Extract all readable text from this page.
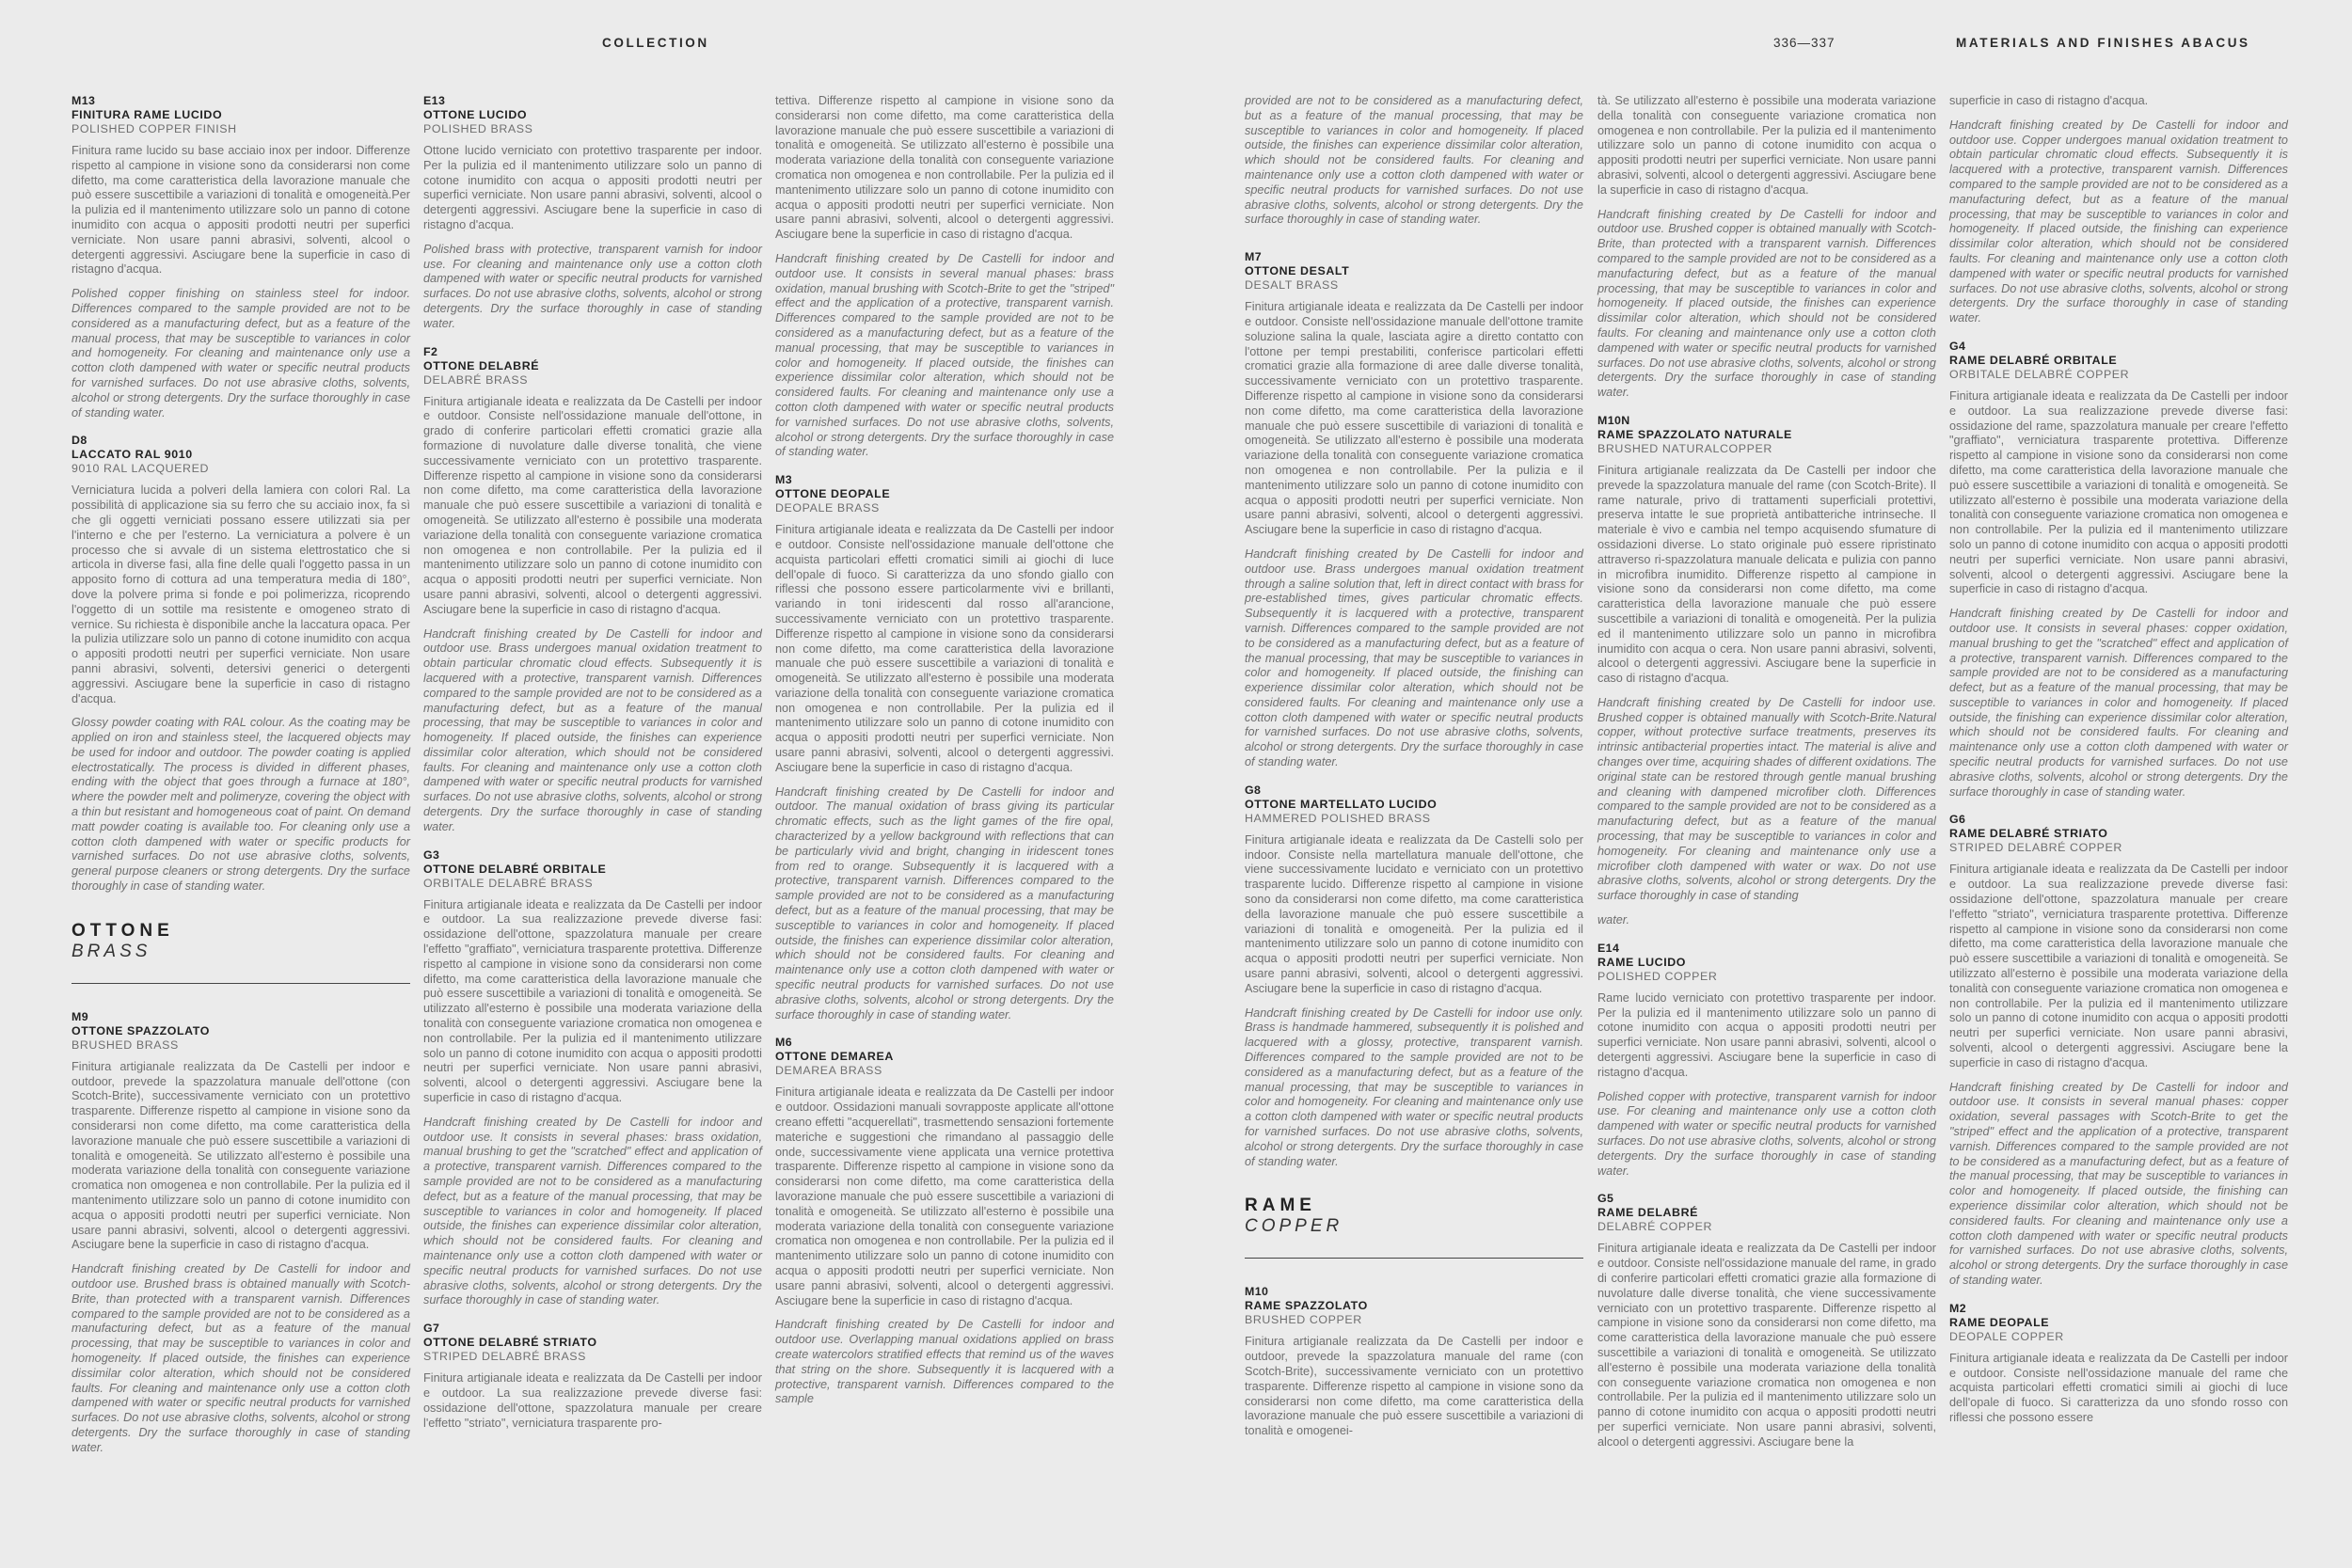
COLLECTION	336—337	MATERIALS AND FINISHES ABACUS
M13
FINITURA RAME LUCIDO
POLISHED COPPER FINISH

Finitura rame lucido su base acciaio inox per indoor. Differenze rispetto al campione in visione sono da considerarsi non come difetto, ma come caratteristica della lavorazione manuale che può essere suscettibile a variazioni di tonalità e omogeneità.Per la pulizia ed il mantenimento utilizzare solo un panno di cotone inumidito con acqua o appositi prodotti neutri per superfici verniciate. Non usare panni abrasivi, solventi, alcool o detergenti aggressivi. Asciugare bene la superficie in caso di ristagno d'acqua.

Polished copper finishing on stainless steel for indoor. Differences compared to the sample provided are not to be considered as a manufacturing defect, but as a feature of the manual process, that may be susceptible to variances in color and homogeneity. For cleaning and maintenance only use a cotton cloth dampened with water or specific neutral products for varnished surfaces. Do not use abrasive cloths, solvents, alcohol or strong detergents. Dry the surface thoroughly in case of standing water.

D8
LACCATO RAL 9010
9010 RAL LACQUERED

Verniciatura lucida a polveri della lamiera con colori Ral. La possibilità di applicazione sia su ferro che su acciaio inox, fa sì che gli oggetti verniciati possano essere utilizzati sia per l'interno e che per l'esterno. La verniciatura a polvere è un processo che si avvale di un sistema elettrostatico che si articola in diverse fasi, alla fine delle quali l'oggetto passa in un apposito forno di cottura ad una temperatura media di 180°, dove la polvere prima si fonde e poi polimerizza, ricoprendo l'oggetto di un sottile ma resistente e omogeneo strato di vernice. Su richiesta è disponibile anche la laccatura opaca. Per la pulizia utilizzare solo un panno di cotone inumidito con acqua o appositi prodotti neutri per superfici verniciate. Non usare panni abrasivi, solventi, detersivi generici o detergenti aggressivi. Asciugare bene la superficie in caso di ristagno d'acqua.

Glossy powder coating with RAL colour. As the coating may be applied on iron and stainless steel, the lacquered objects may be used for indoor and outdoor. The powder coating is applied electrostatically. The process is divided in different phases, ending with the object that goes through a furnace at 180°, where the powder melt and polimeryze, covering the object with a thin but resistant and homogeneous coat of paint. On demand matt powder coating is available too. For cleaning only use a cotton cloth dampened with water or specific products for varnished surfaces. Do not use abrasive cloths, solvents, general purpose cleaners or strong detergents. Dry the surface thoroughly in case of standing water.

OTTONE
BRASS
M9
OTTONE SPAZZOLATO
BRUSHED BRASS

Finitura artigianale realizzata da De Castelli per indoor e outdoor, prevede la spazzolatura manuale dell'ottone (con Scotch-Brite), successivamente verniciato con un protettivo trasparente. Differenze rispetto al campione in visione sono da considerarsi non come difetto, ma come caratteristica della lavorazione manuale che può essere suscettibile a variazioni di tonalità e omogeneità. Se utilizzato all'esterno è possibile una moderata variazione della tonalità con conseguente variazione cromatica non omogenea e non controllabile. Per la pulizia ed il mantenimento utilizzare solo un panno di cotone inumidito con acqua o appositi prodotti neutri per superfici verniciate. Non usare panni abrasivi, solventi, alcool o detergenti aggressivi. Asciugare bene la superficie in caso di ristagno d'acqua.

Handcraft finishing created by De Castelli for indoor and outdoor use. Brushed brass is obtained manually with Scotch-Brite, than protected with a transparent varnish. Differences compared to the sample provided are not to be considered as a manufacturing defect, but as a feature of the manual processing, that may be susceptible to variances in color and homogeneity. If placed outside, the finishes can experience dissimilar color alteration, which should not be considered faults. For cleaning and maintenance only use a cotton cloth dampened with water or specific neutral products for varnished surfaces. Do not use abrasive cloths, solvents, alcohol or strong detergents. Dry the surface thoroughly in case of standing water.

E13
OTTONE LUCIDO
POLISHED BRASS

Ottone lucido verniciato con protettivo trasparente per indoor. Per la pulizia ed il mantenimento utilizzare solo un panno di cotone inumidito con acqua o appositi prodotti neutri per superfici verniciate. Non usare panni abrasivi, solventi, alcool o detergenti aggressivi. Asciugare bene la superficie in caso di ristagno d'acqua.

Polished brass with protective, transparent varnish for indoor use. For cleaning and maintenance only use a cotton cloth dampened with water or specific neutral products for varnished surfaces. Do not use abrasive cloths, solvents, alcohol or strong detergents. Dry the surface thoroughly in case of standing water.

F2
OTTONE DELABRÉ
DELABRÉ BRASS

Finitura artigianale ideata e realizzata da De Castelli per indoor e outdoor. Consiste nell'ossidazione manuale dell'ottone, in grado di conferire particolari effetti cromatici grazie alla formazione di nuvolature dalle diverse tonalità, che viene successivamente verniciato con un protettivo trasparente. Differenze rispetto al campione in visione sono da considerarsi non come difetto, ma come caratteristica della lavorazione manuale che può essere suscettibile a variazioni di tonalità e omogeneità. Se utilizzato all'esterno è possibile una moderata variazione della tonalità con conseguente variazione cromatica non omogenea e non controllabile. Per la pulizia ed il mantenimento utilizzare solo un panno di cotone inumidito con acqua o appositi prodotti neutri per superfici verniciate. Non usare panni abrasivi, solventi, alcool o detergenti aggressivi. Asciugare bene la superficie in caso di ristagno d'acqua.

Handcraft finishing created by De Castelli for indoor and outdoor use. Brass undergoes manual oxidation treatment to obtain particular chromatic cloud effects. Subsequently it is lacquered with a protective, transparent varnish. Differences compared to the sample provided are not to be considered as a manufacturing defect, but as a feature of the manual processing, that may be susceptible to variances in color and homogeneity. If placed outside, the finishes can experience dissimilar color alteration, which should not be considered faults. For cleaning and maintenance only use a cotton cloth dampened with water or specific neutral products for varnished surfaces. Do not use abrasive cloths, solvents, alcohol or strong detergents. Dry the surface thoroughly in case of standing water.

G3
OTTONE DELABRÉ ORBITALE
ORBITALE DELABRÉ BRASS

Finitura artigianale ideata e realizzata da De Castelli per indoor e outdoor. La sua realizzazione prevede diverse fasi: ossidazione dell'ottone, spazzolatura manuale per creare l'effetto "graffiato", verniciatura trasparente protettiva. Differenze rispetto al campione in visione sono da considerarsi non come difetto, ma come caratteristica della lavorazione manuale che può essere suscettibile a variazioni di tonalità e omogeneità. Se utilizzato all'esterno è possibile una moderata variazione della tonalità con conseguente variazione cromatica non omogenea e non controllabile. Per la pulizia ed il mantenimento utilizzare solo un panno di cotone inumidito con acqua o appositi prodotti neutri per superfici verniciate. Non usare panni abrasivi, solventi, alcool o detergenti aggressivi. Asciugare bene la superficie in caso di ristagno d'acqua.

Handcraft finishing created by De Castelli for indoor and outdoor use. It consists in several phases: brass oxidation, manual brushing to get the "scratched" effect and application of a protective, transparent varnish. Differences compared to the sample provided are not to be considered as a manufacturing defect, but as a feature of the manual processing, that may be susceptible to variances in color and homogeneity. If placed outside, the finishes can experience dissimilar color alteration, which should not be considered faults. For cleaning and maintenance only use a cotton cloth dampened with water or specific neutral products for varnished surfaces. Do not use abrasive cloths, solvents, alcohol or strong detergents. Dry the surface thoroughly in case of standing water.

G7
OTTONE DELABRÉ STRIATO
STRIPED DELABRÉ BRASS

Finitura artigianale ideata e realizzata da De Castelli per indoor e outdoor. La sua realizzazione prevede diverse fasi: ossidazione dell'ottone, spazzolatura manuale per creare l'effetto "striato", verniciatura trasparente pro-

tettiva. Differenze rispetto al campione in visione sono da considerarsi non come difetto, ma come caratteristica della lavorazione manuale che può essere suscettibile a variazioni di tonalità e omogeneità. Se utilizzato all'esterno è possibile una moderata variazione della tonalità con conseguente variazione cromatica non omogenea e non controllabile. Per la pulizia ed il mantenimento utilizzare solo un panno di cotone inumidito con acqua o appositi prodotti neutri per superfici verniciate. Non usare panni abrasivi, solventi, alcool o detergenti aggressivi. Asciugare bene la superficie in caso di ristagno d'acqua.

Handcraft finishing created by De Castelli for indoor and outdoor use. It consists in several manual phases: brass oxidation, manual brushing with Scotch-Brite to get the "striped" effect and the application of a protective, transparent varnish. Differences compared to the sample provided are not to be considered as a manufacturing defect, but as a feature of the manual processing, that may be susceptible to variances in color and homogeneity. If placed outside, the finishes can experience dissimilar color alteration, which should not be considered faults. For cleaning and maintenance only use a cotton cloth dampened with water or specific neutral products for varnished surfaces. Do not use abrasive cloths, solvents, alcohol or strong detergents. Dry the surface thoroughly in case of standing water.

M3
OTTONE DEOPALE
DEOPALE BRASS

Finitura artigianale ideata e realizzata da De Castelli per indoor e outdoor. Consiste nell'ossidazione manuale dell'ottone che acquista particolari effetti cromatici simili ai giochi di luce dell'opale di fuoco. Si caratterizza da uno sfondo giallo con riflessi che possono essere particolarmente vivi e brillanti, variando in toni iridescenti dal rosso all'arancione, successivamente verniciato con un protettivo trasparente. Differenze rispetto al campione in visione sono da considerarsi non come difetto, ma come caratteristica della lavorazione manuale che può essere suscettibile a variazioni di tonalità e omogeneità. Se utilizzato all'esterno è possibile una moderata variazione della tonalità con conseguente variazione cromatica non omogenea e non controllabile. Per la pulizia ed il mantenimento utilizzare solo un panno di cotone inumidito con acqua o appositi prodotti neutri per superfici verniciate. Non usare panni abrasivi, solventi, alcool o detergenti aggressivi. Asciugare bene la superficie in caso di ristagno d'acqua.

Handcraft finishing created by De Castelli for indoor and outdoor. The manual oxidation of brass giving its particular chromatic effects, such as the light games of the fire opal, characterized by a yellow background with reflections that can be particularly vivid and bright, changing in iridescent tones from red to orange. Subsequently it is lacquered with a protective, transparent varnish. Differences compared to the sample provided are not to be considered as a manufacturing defect, but as a feature of the manual processing, that may be susceptible to variances in color and homogeneity. If placed outside, the finishes can experience dissimilar color alteration, which should not be considered faults. For cleaning and maintenance only use a cotton cloth dampened with water or specific neutral products for varnished surfaces. Do not use abrasive cloths, solvents, alcohol or strong detergents. Dry the surface thoroughly in case of standing water.

M6
OTTONE DEMAREA
DEMAREA BRASS

Finitura artigianale ideata e realizzata da De Castelli per indoor e outdoor. Ossidazioni manuali sovrapposte applicate all'ottone creano effetti "acquerellati", trasmettendo sensazioni fortemente materiche e suggestioni che rimandano al passaggio delle onde, successivamente viene applicata una vernice protettiva trasparente. Differenze rispetto al campione in visione sono da considerarsi non come difetto, ma come caratteristica della lavorazione manuale che può essere suscettibile a variazioni di tonalità e omogeneità. Se utilizzato all'esterno è possibile una moderata variazione della tonalità con conseguente variazione cromatica non omogenea e non controllabile. Per la pulizia ed il mantenimento utilizzare solo un panno di cotone inumidito con acqua o appositi prodotti neutri per superfici verniciate. Non usare panni abrasivi, solventi, alcool o detergenti aggressivi. Asciugare bene la superficie in caso di ristagno d'acqua.

Handcraft finishing created by De Castelli for indoor and outdoor use. Overlapping manual oxidations applied on brass create watercolors stratified effects that remind us of the waves that string on the shore. Subsequently it is lacquered with a protective, transparent varnish. Differences compared to the sample

provided are not to be considered as a manufacturing defect, but as a feature of the manual processing, that may be susceptible to variances in color and homogeneity. If placed outside, the finishes can experience dissimilar color alteration, which should not be considered faults. For cleaning and maintenance only use a cotton cloth dampened with water or specific neutral products for varnished surfaces. Do not use abrasive cloths, solvents, alcohol or strong detergents. Dry the surface thoroughly in case of standing water.

M7
OTTONE DESALT
DESALT BRASS

Finitura artigianale ideata e realizzata da De Castelli per indoor e outdoor. Consiste nell'ossidazione manuale dell'ottone tramite soluzione salina la quale, lasciata agire a diretto contatto con l'ottone per tempi prestabiliti, conferisce particolari effetti cromatici grazie alla formazione di aree dalle diverse tonalità, successivamente verniciato con un protettivo trasparente. Differenze rispetto al campione in visione sono da considerarsi non come difetto, ma come caratteristica della lavorazione manuale che può essere suscettibile di variazioni di tonalità e omogeneità. Se utilizzato all'esterno è possibile una moderata variazione della tonalità con conseguente variazione cromatica non omogenea e non controllabile. Per la pulizia e il mantenimento utilizzare solo un panno di cotone inumidito con acqua o appositi prodotti neutri per superfici verniciate. Non usare panni abrasivi, solventi, alcool o detergenti aggressivi. Asciugare bene la superficie in caso di ristagno d'acqua.

Handcraft finishing created by De Castelli for indoor and outdoor use. Brass undergoes manual oxidation treatment through a saline solution that, left in direct contact with brass for pre-established times, gives particular chromatic effects. Subsequently it is lacquered with a protective, transparent varnish. Differences compared to the sample provided are not to be considered as a manufacturing defect, but as a feature of the manual processing, that may be susceptible to variances in color and homogeneity. If placed outside, the finishing can experience dissimilar color alteration, which should not be considered faults. For cleaning and maintenance only use a cotton cloth dampened with water or specific neutral products for varnished surfaces. Do not use abrasive cloths, solvents, alcohol or strong detergents. Dry the surface thoroughly in case of standing water.

G8
OTTONE MARTELLATO LUCIDO
HAMMERED POLISHED BRASS

Finitura artigianale ideata e realizzata da De Castelli solo per indoor. Consiste nella martellatura manuale dell'ottone, che viene successivamente lucidato e verniciato con un protettivo trasparente lucido. Differenze rispetto al campione in visione sono da considerarsi non come difetto, ma come caratteristica della lavorazione manuale che può essere suscettibile a variazioni di tonalità e omogeneità. Per la pulizia ed il mantenimento utilizzare solo un panno di cotone inumidito con acqua o appositi prodotti neutri per superfici verniciate. Non usare panni abrasivi, solventi, alcool o detergenti aggressivi. Asciugare bene la superficie in caso di ristagno d'acqua.

Handcraft finishing created by De Castelli for indoor use only. Brass is handmade hammered, subsequently it is polished and lacquered with a glossy, protective, transparent varnish. Differences compared to the sample provided are not to be considered as a manufacturing defect, but as a feature of the manual processing, that may be susceptible to variances in color and homogeneity. For cleaning and maintenance only use a cotton cloth dampened with water or specific neutral products for varnished surfaces. Do not use abrasive cloths, solvents, alcohol or strong detergents. Dry the surface thoroughly in case of standing water.

RAME
COPPER
M10
RAME SPAZZOLATO
BRUSHED COPPER

Finitura artigianale realizzata da De Castelli per indoor e outdoor, prevede la spazzolatura manuale del rame (con Scotch-Brite), successivamente verniciato con un protettivo trasparente. Differenze rispetto al campione in visione sono da considerarsi non come difetto, ma come caratteristica della lavorazione manuale che può essere suscettibile a variazioni di tonalità e omogenei-

tà. Se utilizzato all'esterno è possibile una moderata variazione della tonalità con conseguente variazione cromatica non omogenea e non controllabile. Per la pulizia ed il mantenimento utilizzare solo un panno di cotone inumidito con acqua o appositi prodotti neutri per superfici verniciate. Non usare panni abrasivi, solventi, alcool o detergenti aggressivi. Asciugare bene la superficie in caso di ristagno d'acqua.

Handcraft finishing created by De Castelli for indoor and outdoor use. Brushed copper is obtained manually with Scotch-Brite, than protected with a transparent varnish. Differences compared to the sample provided are not to be considered as a manufacturing defect, but as a feature of the manual processing, that may be susceptible to variances in color and homogeneity. If placed outside, the finishes can experience dissimilar color alteration, which should not be considered faults. For cleaning and maintenance only use a cotton cloth dampened with water or specific neutral products for varnished surfaces. Do not use abrasive cloths, solvents, alcohol or strong detergents. Dry the surface thoroughly in case of standing water.

M10N
RAME SPAZZOLATO NATURALE
BRUSHED NATURALCOPPER

Finitura artigianale realizzata da De Castelli per indoor che prevede la spazzolatura manuale del rame (con Scotch-Brite). Il rame naturale, privo di trattamenti superficiali protettivi, preserva intatte le sue proprietà antibatteriche intrinseche. Il materiale è vivo e cambia nel tempo acquisendo sfumature di ossidazioni diverse. Lo stato originale può essere ripristinato attraverso ri-spazzolatura manuale delicata e pulizia con panno in microfibra inumidito. Differenze rispetto al campione in visione sono da considerarsi non come difetto, ma come caratteristica della lavorazione manuale che può essere suscettibile a variazioni di tonalità e omogeneità. Per la pulizia ed il mantenimento utilizzare solo un panno in microfibra inumidito con acqua o cera. Non usare panni abrasivi, solventi, alcool o detergenti aggressivi. Asciugare bene la superficie in caso di ristagno d'acqua.

Handcraft finishing created by De Castelli for indoor use. Brushed copper is obtained manually with Scotch-Brite.Natural copper, without protective surface treatments, preserves its intrinsic antibacterial properties intact. The material is alive and changes over time, acquiring shades of different oxidations. The original state can be restored through gentle manual brushing and cleaning with dampened microfiber cloth. Differences compared to the sample provided are not to be considered as a manufacturing defect, but as a feature of the manual processing, that may be susceptible to variances in color and homogeneity. For cleaning and maintenance only use a microfiber cloth dampened with water or wax. Do not use abrasive cloths, solvents, alcohol or strong detergents. Dry the surface thoroughly in case of standing

water.

E14
RAME LUCIDO
POLISHED COPPER

Rame lucido verniciato con protettivo trasparente per indoor. Per la pulizia ed il mantenimento utilizzare solo un panno di cotone inumidito con acqua o appositi prodotti neutri per superfici verniciate. Non usare panni abrasivi, solventi, alcool o detergenti aggressivi. Asciugare bene la superficie in caso di ristagno d'acqua.

Polished copper with protective, transparent varnish for indoor use. For cleaning and maintenance only use a cotton cloth dampened with water or specific neutral products for varnished surfaces. Do not use abrasive cloths, solvents, alcohol or strong detergents. Dry the surface thoroughly in case of standing water.

G5
RAME DELABRÉ
DELABRÉ COPPER

Finitura artigianale ideata e realizzata da De Castelli per indoor e outdoor. Consiste nell'ossidazione manuale del rame, in grado di conferire particolari effetti cromatici grazie alla formazione di nuvolature dalle diverse tonalità, che viene successivamente verniciato con un protettivo trasparente. Differenze rispetto al campione in visione sono da considerarsi non come difetto, ma come caratteristica della lavorazione manuale che può essere suscettibile a variazioni di tonalità e omogeneità. Se utilizzato all'esterno è possibile una moderata variazione della tonalità con conseguente variazione cromatica non omogenea e non controllabile. Per la pulizia ed il mantenimento utilizzare solo un panno di cotone inumidito con acqua o appositi prodotti neutri per superfici verniciate. Non usare panni abrasivi, solventi, alcool o detergenti aggressivi. Asciugare bene la

superficie in caso di ristagno d'acqua.

Handcraft finishing created by De Castelli for indoor and outdoor use. Copper undergoes manual oxidation treatment to obtain particular chromatic cloud effects. Subsequently it is lacquered with a protective, transparent varnish. Differences compared to the sample provided are not to be considered as a manufacturing defect, but as a feature of the manual processing, that may be susceptible to variances in color and homogeneity. If placed outside, the finishing can experience dissimilar color alteration, which should not be considered faults. For cleaning and maintenance only use a cotton cloth dampened with water or specific neutral products for varnished surfaces. Do not use abrasive cloths, solvents, alcohol or strong detergents. Dry the surface thoroughly in case of standing water.

G4
RAME DELABRÉ ORBITALE
ORBITALE DELABRÉ COPPER

Finitura artigianale ideata e realizzata da De Castelli per indoor e outdoor. La sua realizzazione prevede diverse fasi: ossidazione del rame, spazzolatura manuale per creare l'effetto "graffiato", verniciatura trasparente protettiva. Differenze rispetto al campione in visione sono da considerarsi non come difetto, ma come caratteristica della lavorazione manuale che può essere suscettibile a variazioni di tonalità e omogeneità. Se utilizzato all'esterno è possibile una moderata variazione della tonalità con conseguente variazione cromatica non omogenea e non controllabile. Per la pulizia ed il mantenimento utilizzare solo un panno di cotone inumidito con acqua o appositi prodotti neutri per superfici verniciate. Non usare panni abrasivi, solventi, alcool o detergenti aggressivi. Asciugare bene la superficie in caso di ristagno d'acqua.

Handcraft finishing created by De Castelli for indoor and outdoor use. It consists in several phases: copper oxidation, manual brushing to get the "scratched" effect and application of a protective, transparent varnish. Differences compared to the sample provided are not to be considered as a manufacturing defect, but as a feature of the manual processing, that may be susceptible to variances in color and homogeneity. If placed outside, the finishing can experience dissimilar color alteration, which should not be considered faults. For cleaning and maintenance only use a cotton cloth dampened with water or specific neutral products for varnished surfaces. Do not use abrasive cloths, solvents, alcohol or strong detergents. Dry the surface thoroughly in case of standing water.

G6
RAME DELABRÉ STRIATO
STRIPED DELABRÉ COPPER

Finitura artigianale ideata e realizzata da De Castelli per indoor e outdoor. La sua realizzazione prevede diverse fasi: ossidazione dell'ottone, spazzolatura manuale per creare l'effetto "striato", verniciatura trasparente protettiva. Differenze rispetto al campione in visione sono da considerarsi non come difetto, ma come caratteristica della lavorazione manuale che può essere suscettibile a variazioni di tonalità e omogeneità. Se utilizzato all'esterno è possibile una moderata variazione della tonalità con conseguente variazione cromatica non omogenea e non controllabile. Per la pulizia ed il mantenimento utilizzare solo un panno di cotone inumidito con acqua o appositi prodotti neutri per superfici verniciate. Non usare panni abrasivi, solventi, alcool o detergenti aggressivi. Asciugare bene la superficie in caso di ristagno d'acqua.

Handcraft finishing created by De Castelli for indoor and outdoor use. It consists in several manual phases: copper oxidation, several passages with Scotch-Brite to get the "striped" effect and the application of a protective, transparent varnish. Differences compared to the sample provided are not to be considered as a manufacturing defect, but as a feature of the manual processing, that may be susceptible to variances in color and homogeneity. If placed outside, the finishing can experience dissimilar color alteration, which should not be considered faults. For cleaning and maintenance only use a cotton cloth dampened with water or specific neutral products for varnished surfaces. Do not use abrasive cloths, solvents, alcohol or strong detergents. Dry the surface thoroughly in case of standing water.

M2
RAME DEOPALE
DEOPALE COPPER

Finitura artigianale ideata e realizzata da De Castelli per indoor e outdoor. Consiste nell'ossidazione manuale del rame che acquista particolari effetti cromatici simili ai giochi di luce dell'opale di fuoco. Si caratterizza da uno sfondo rosso con riflessi che possono essere
